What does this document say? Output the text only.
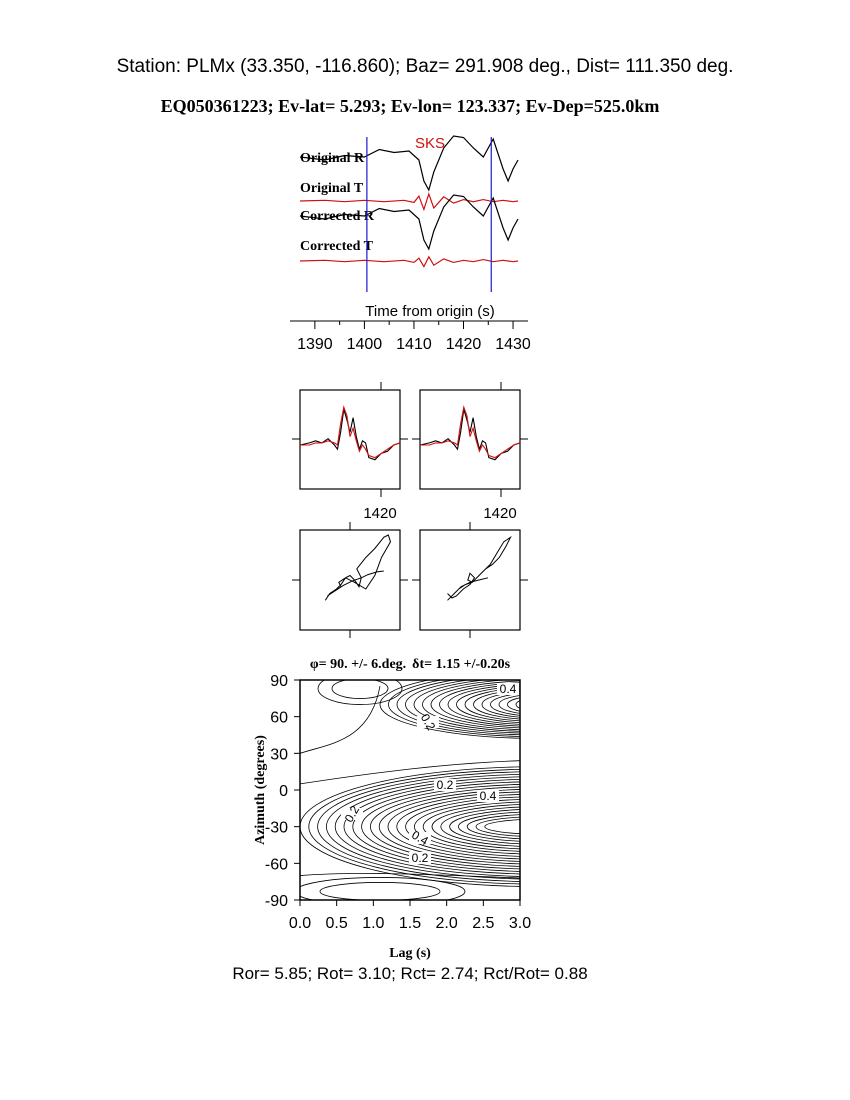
Station: PLMx (33.350, -116.860); Baz= 291.908 deg., Dist= 111.350 deg.
EQ050361223; Ev-lat= 5.293; Ev-lon= 123.337; Ev-Dep=525.0km
SKS
Original R
Original T
Corrected R
Corrected T
Time from origin (s)
1390 1400 1410 1420 1430
1420	1420
φ= 90. +/- 6.deg. δt= 1.15 +/-0.20s
0.4
0.2
0.2
0.4
0.2
0.4
0.2
90
60
30
0
-30
-60
-90
0.0 0.5 1.0 1.5 2.0 2.5 3.0
Azimuth (degrees)
Lag (s)
Ror= 5.85; Rot= 3.10; Rct= 2.74; Rct/Rot= 0.88
